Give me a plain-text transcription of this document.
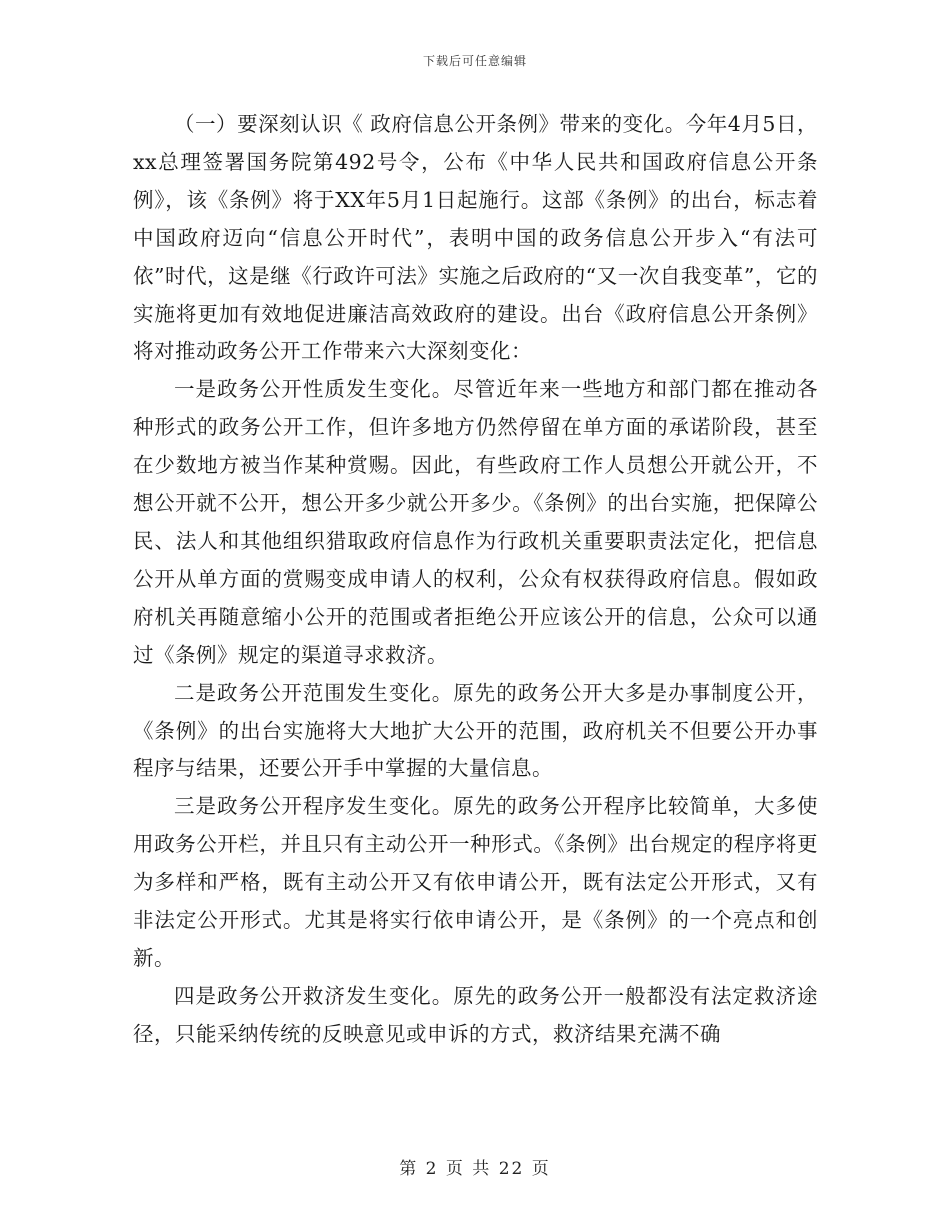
下载后可任意编辑

（一）要深刻认识《 政府信息公开条例》带来的变化。今年4月5日，xx总理签署国务院第492号令，公布《中华人民共和国政府信息公开条例》，该《条例》将于XX年5月1日起施行。这部《条例》的出台，标志着中国政府迈向“信息公开时代”，表明中国的政务信息公开步入“有法可依”时代，这是继《行政许可法》实施之后政府的“又一次自我变革”，它的实施将更加有效地促进廉洁高效政府的建设。出台《政府信息公开条例》将对推动政务公开工作带来六大深刻变化：

一是政务公开性质发生变化。尽管近年来一些地方和部门都在推动各种形式的政务公开工作，但许多地方仍然停留在单方面的承诺阶段，甚至在少数地方被当作某种赏赐。因此，有些政府工作人员想公开就公开，不想公开就不公开，想公开多少就公开多少。《条例》的出台实施，把保障公民、法人和其他组织猎取政府信息作为行政机关重要职责法定化，把信息公开从单方面的赏赐变成申请人的权利，公众有权获得政府信息。假如政府机关再随意缩小公开的范围或者拒绝公开应该公开的信息，公众可以通过《条例》规定的渠道寻求救济。

二是政务公开范围发生变化。原先的政务公开大多是办事制度公开，《条例》的出台实施将大大地扩大公开的范围，政府机关不但要公开办事程序与结果，还要公开手中掌握的大量信息。

三是政务公开程序发生变化。原先的政务公开程序比较简单，大多使用政务公开栏，并且只有主动公开一种形式。《条例》出台规定的程序将更为多样和严格，既有主动公开又有依申请公开，既有法定公开形式，又有非法定公开形式。尤其是将实行依申请公开，是《条例》的一个亮点和创新。

四是政务公开救济发生变化。原先的政务公开一般都没有法定救济途径，只能采纳传统的反映意见或申诉的方式，救济结果充满不确

第 2 页 共 22 页
